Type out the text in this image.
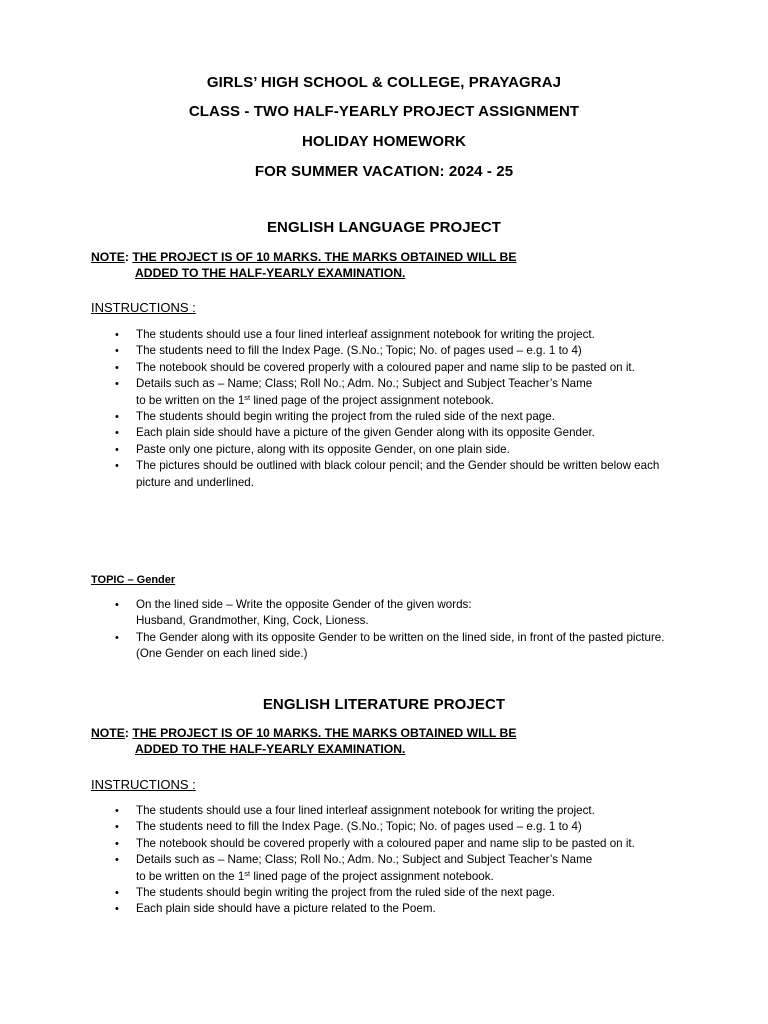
GIRLS’ HIGH SCHOOL & COLLEGE, PRAYAGRAJ
CLASS - TWO HALF-YEARLY PROJECT ASSIGNMENT
HOLIDAY HOMEWORK
FOR SUMMER VACATION: 2024 - 25
ENGLISH LANGUAGE PROJECT
NOTE: THE PROJECT IS OF 10 MARKS. THE MARKS OBTAINED WILL BE
ADDED TO THE HALF-YEARLY EXAMINATION.
INSTRUCTIONS :
• The students should use a four lined interleaf assignment notebook for writing the project.
• The students need to fill the Index Page. (S.No.; Topic; No. of pages used – e.g. 1 to 4)
• The notebook should be covered properly with a coloured paper and name slip to be pasted on it.
• Details such as – Name; Class; Roll No.; Adm. No.; Subject and Subject Teacher’s Name
to be written on the 1st lined page of the project assignment notebook.
• The students should begin writing the project from the ruled side of the next page.
• Each plain side should have a picture of the given Gender along with its opposite Gender.
• Paste only one picture, along with its opposite Gender, on one plain side.
• The pictures should be outlined with black colour pencil; and the Gender should be written below each picture and underlined.
TOPIC – Gender
• On the lined side – Write the opposite Gender of the given words:
Husband, Grandmother, King, Cock, Lioness.
• The Gender along with its opposite Gender to be written on the lined side, in front of the pasted picture. (One Gender on each lined side.)
ENGLISH LITERATURE PROJECT
NOTE: THE PROJECT IS OF 10 MARKS. THE MARKS OBTAINED WILL BE
ADDED TO THE HALF-YEARLY EXAMINATION.
INSTRUCTIONS :
• The students should use a four lined interleaf assignment notebook for writing the project.
• The students need to fill the Index Page. (S.No.; Topic; No. of pages used – e.g. 1 to 4)
• The notebook should be covered properly with a coloured paper and name slip to be pasted on it.
• Details such as – Name; Class; Roll No.; Adm. No.; Subject and Subject Teacher’s Name
to be written on the 1st lined page of the project assignment notebook.
• The students should begin writing the project from the ruled side of the next page.
• Each plain side should have a picture related to the Poem.
